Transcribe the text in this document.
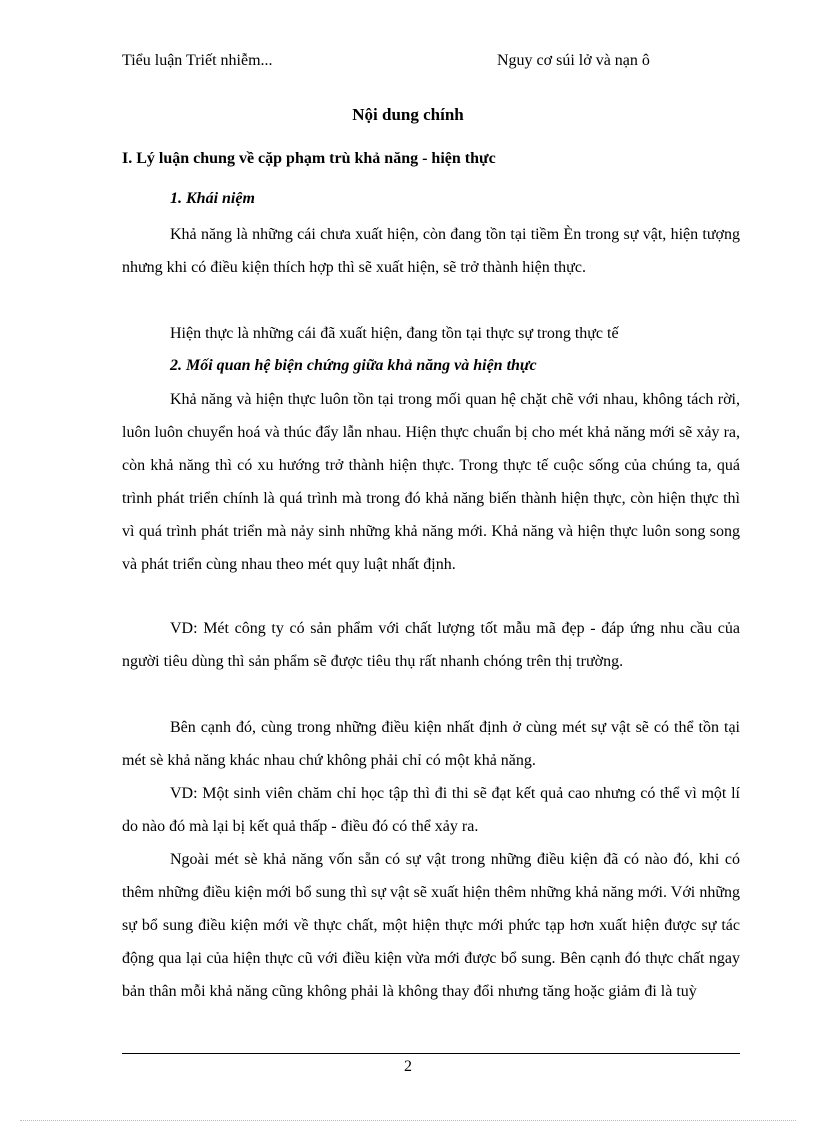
Tiểu luận Triết nhiễm...	Nguy cơ súi lở và nạn ô
Nội dung chính
I. Lý luận chung về cặp phạm trù khả năng - hiện thực
1. Khái niệm

Khả năng là những cái chưa xuất hiện, còn đang tồn tại tiềm Èn trong sự vật, hiện tượng nhưng khi có điều kiện thích hợp thì sẽ xuất hiện, sẽ trở thành hiện thực.

Hiện thực là những cái đã xuất hiện, đang tồn tại thực sự trong thực tế

2. Mối quan hệ biện chứng giữa khả năng và hiện thực

Khả năng và hiện thực luôn tồn tại trong mối quan hệ chặt chẽ với nhau, không tách rời, luôn luôn chuyển hoá và thúc đẩy lẫn nhau. Hiện thực chuẩn bị cho mét khả năng mới sẽ xảy ra, còn khả năng thì có xu hướng trở thành hiện thực. Trong thực tế cuộc sống của chúng ta, quá trình phát triển chính là quá trình mà trong đó khả năng biến thành hiện thực, còn hiện thực thì vì quá trình phát triển mà nảy sinh những khả năng mới. Khả năng và hiện thực luôn song song và phát triển cùng nhau theo mét quy luật nhất định.

VD: Mét công ty có sản phẩm với chất lượng tốt mẫu mã đẹp - đáp ứng nhu cầu của người tiêu dùng thì sản phẩm sẽ được tiêu thụ rất nhanh chóng trên thị trường.

Bên cạnh đó, cùng trong những điều kiện nhất định ở cùng mét sự vật sẽ có thể tồn tại mét sè khả năng khác nhau chứ không phải chỉ có một khả năng.

VD: Một sinh viên chăm chỉ học tập thì đi thi sẽ đạt kết quả cao nhưng có thể vì một lí do nào đó mà lại bị kết quả thấp - điều đó có thể xảy ra.

Ngoài mét sè khả năng vốn sẵn có sự vật trong những điều kiện đã có nào đó, khi có thêm những điều kiện mới bổ sung thì sự vật sẽ xuất hiện thêm những khả năng mới. Với những sự bổ sung điều kiện mới về thực chất, một hiện thực mới phức tạp hơn xuất hiện được sự tác động qua lại của hiện thực cũ với điều kiện vừa mới được bổ sung. Bên cạnh đó thực chất ngay bản thân mỗi khả năng cũng không phải là không thay đổi nhưng tăng hoặc giảm đi là tuỳ

2
